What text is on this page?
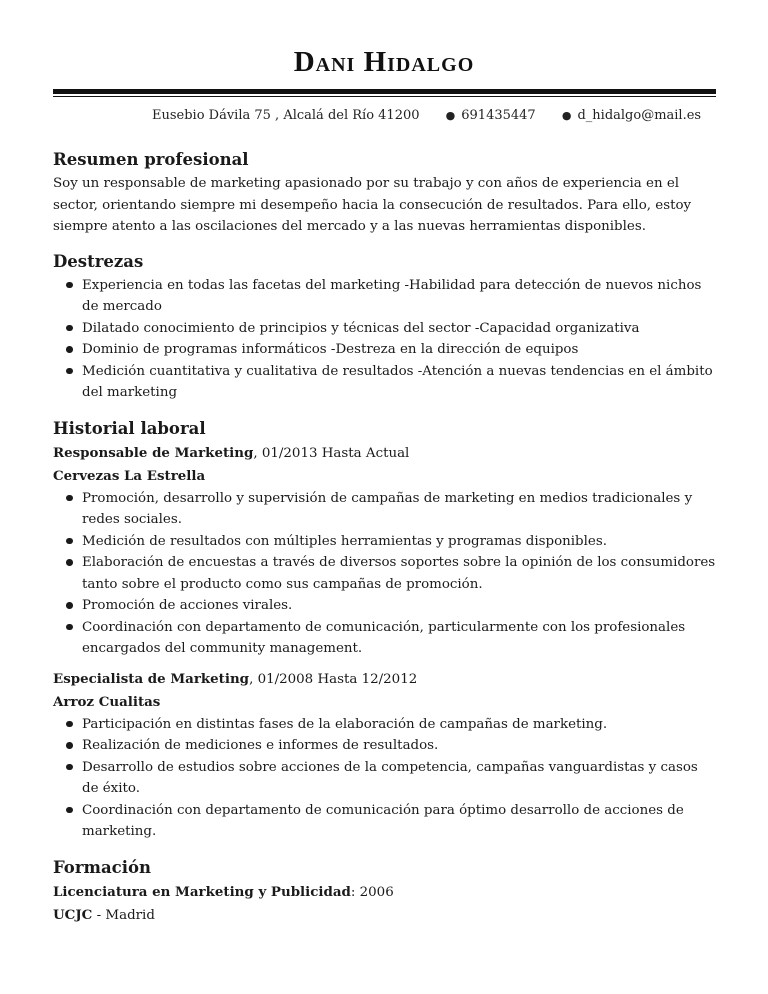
Dani Hidalgo
Eusebio Dávila 75 , Alcalá del Río 41200 ● 691435447 ● d_hidalgo@mail.es
Resumen profesional

Soy un responsable de marketing apasionado por su trabajo y con años de experiencia en el sector, orientando siempre mi desempeño hacia la consecución de resultados. Para ello, estoy siempre atento a las oscilaciones del mercado y a las nuevas herramientas disponibles.

Destrezas
Experiencia en todas las facetas del marketing -Habilidad para detección de nuevos nichos de mercado
Dilatado conocimiento de principios y técnicas del sector -Capacidad organizativa
Dominio de programas informáticos -Destreza en la dirección de equipos
Medición cuantitativa y cualitativa de resultados -Atención a nuevas tendencias en el ámbito del marketing
Historial laboral

Responsable de Marketing, 01/2013 Hasta Actual

Cervezas La Estrella

Promoción, desarrollo y supervisión de campañas de marketing en medios tradicionales y redes sociales.
Medición de resultados con múltiples herramientas y programas disponibles.
Elaboración de encuestas a través de diversos soportes sobre la opinión de los consumidores tanto sobre el producto como sus campañas de promoción.
Promoción de acciones virales.
Coordinación con departamento de comunicación, particularmente con los profesionales encargados del community management.

Especialista de Marketing, 01/2008 Hasta 12/2012

Arroz Cualitas

Participación en distintas fases de la elaboración de campañas de marketing.
Realización de mediciones e informes de resultados.
Desarrollo de estudios sobre acciones de la competencia, campañas vanguardistas y casos de éxito.
Coordinación con departamento de comunicación para óptimo desarrollo de acciones de marketing.
Formación

Licenciatura en Marketing y Publicidad: 2006

UCJC - Madrid
